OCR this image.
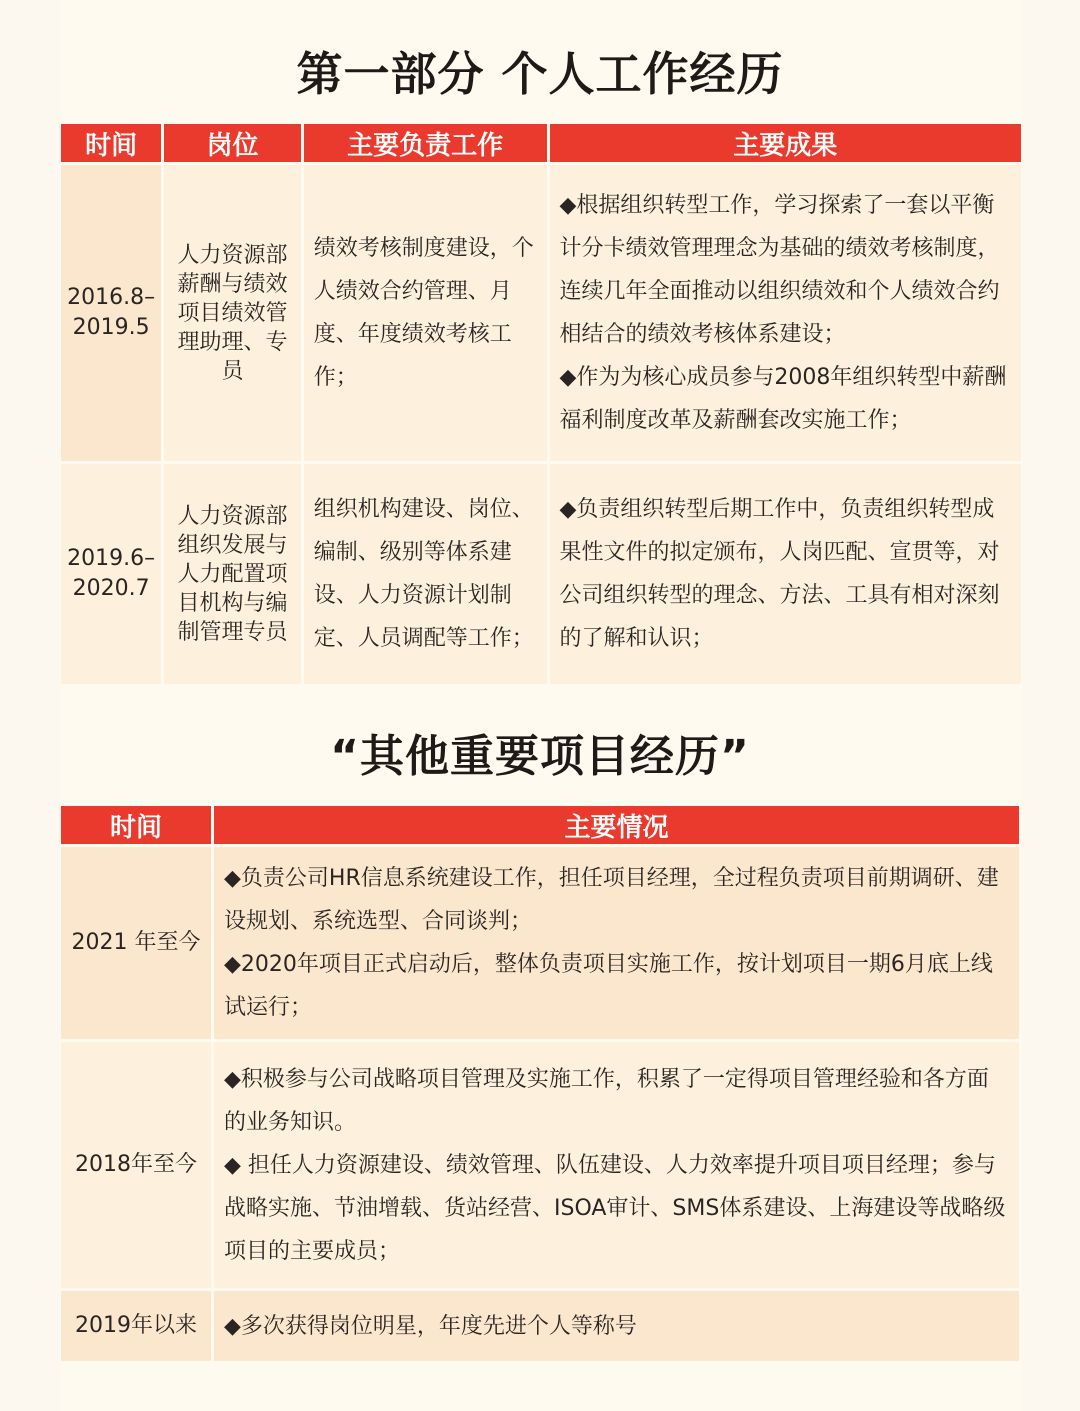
第一部分 个人工作经历
时间	岗位	主要负责工作	主要成果
2016.8–
2019.5	人力资源部薪酬与绩效项目绩效管理助理、专员	绩效考核制度建设，个人绩效合约管理、月度、年度绩效考核工作；	◆根据组织转型工作，学习探索了一套以平衡计分卡绩效管理理念为基础的绩效考核制度，连续几年全面推动以组织绩效和个人绩效合约相结合的绩效考核体系建设；
◆作为为核心成员参与2008年组织转型中薪酬福利制度改革及薪酬套改实施工作；

2019.6–
2020.7	人力资源部组织发展与人力配置项目机构与编制管理专员	组织机构建设、岗位、编制、级别等体系建设、人力资源计划制定、人员调配等工作；	◆负责组织转型后期工作中，负责组织转型成果性文件的拟定颁布，人岗匹配、宣贯等，对公司组织转型的理念、方法、工具有相对深刻的了解和认识；
“其他重要项目经历”
时间	主要情况
2021 年至今	◆负责公司HR信息系统建设工作，担任项目经理，全过程负责项目前期调研、建设规划、系统选型、合同谈判；
◆2020年项目正式启动后，整体负责项目实施工作，按计划项目一期6月底上线试运行；

2018年至今	◆积极参与公司战略项目管理及实施工作，积累了一定得项目管理经验和各方面的业务知识。
◆ 担任人力资源建设、绩效管理、队伍建设、人力效率提升项目项目经理；参与战略实施、节油增载、货站经营、ISOA审计、SMS体系建设、上海建设等战略级项目的主要成员；

2019年以来	◆多次获得岗位明星，年度先进个人等称号
